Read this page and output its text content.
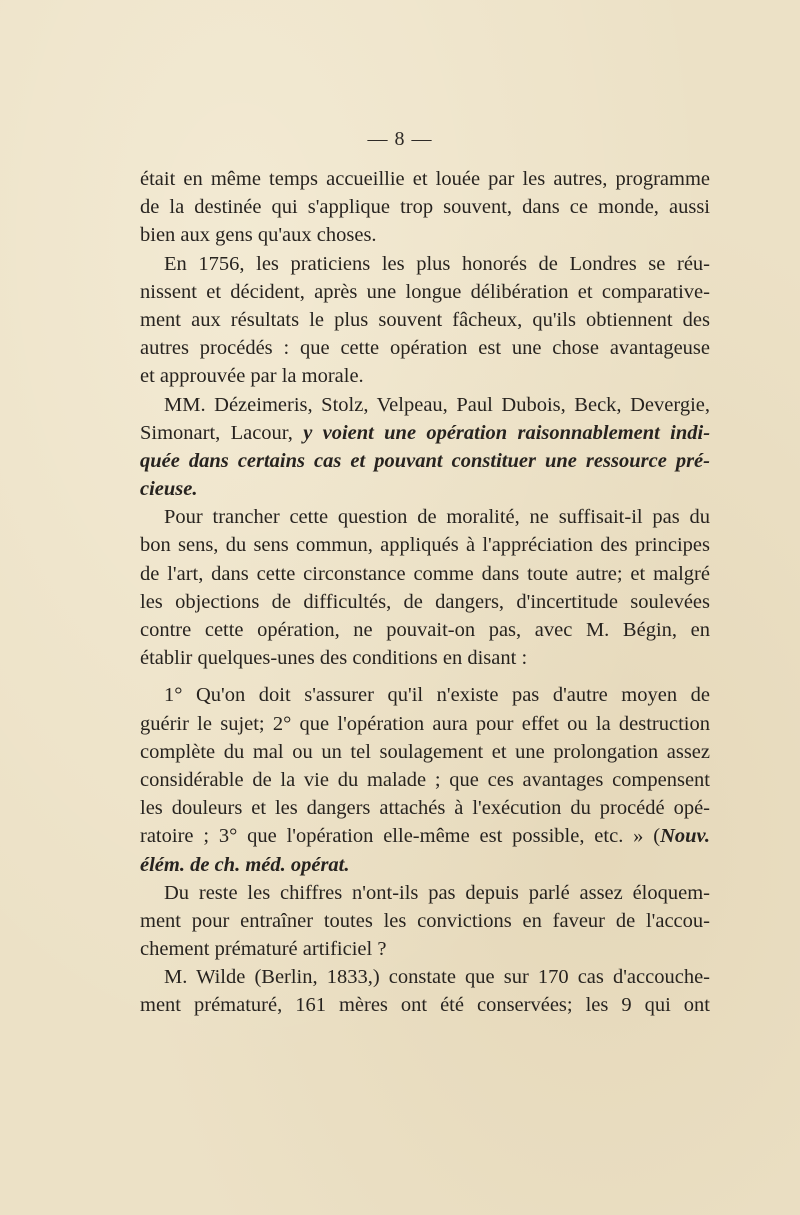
— 8 —
était en même temps accueillie et louée par les autres, programme
de la destinée qui s'applique trop souvent, dans ce monde, aussi
bien aux gens qu'aux choses.
En 1756, les praticiens les plus honorés de Londres se réu-
nissent et décident, après une longue délibération et comparative-
ment aux résultats le plus souvent fâcheux, qu'ils obtiennent des
autres procédés : que cette opération est une chose avantageuse
et approuvée par la morale.
MM. Dézeimeris, Stolz, Velpeau, Paul Dubois, Beck, Devergie,
Simonart, Lacour, y voient une opération raisonnablement indi-
quée dans certains cas et pouvant constituer une ressource pré-
cieuse.
Pour trancher cette question de moralité, ne suffisait-il pas du
bon sens, du sens commun, appliqués à l'appréciation des principes
de l'art, dans cette circonstance comme dans toute autre; et malgré
les objections de difficultés, de dangers, d'incertitude soulevées
contre cette opération, ne pouvait-on pas, avec M. Bégin, en
établir quelques-unes des conditions en disant :
1° Qu'on doit s'assurer qu'il n'existe pas d'autre moyen de
guérir le sujet; 2° que l'opération aura pour effet ou la destruction
complète du mal ou un tel soulagement et une prolongation assez
considérable de la vie du malade ; que ces avantages compensent
les douleurs et les dangers attachés à l'exécution du procédé opé-
ratoire ; 3° que l'opération elle-même est possible, etc. » (Nouv.
élém. de ch. méd. opérat.
Du reste les chiffres n'ont-ils pas depuis parlé assez éloquem-
ment pour entraîner toutes les convictions en faveur de l'accou-
chement prématuré artificiel ?
M. Wilde (Berlin, 1833,) constate que sur 170 cas d'accouche-
ment prématuré, 161 mères ont été conservées; les 9 qui ont
